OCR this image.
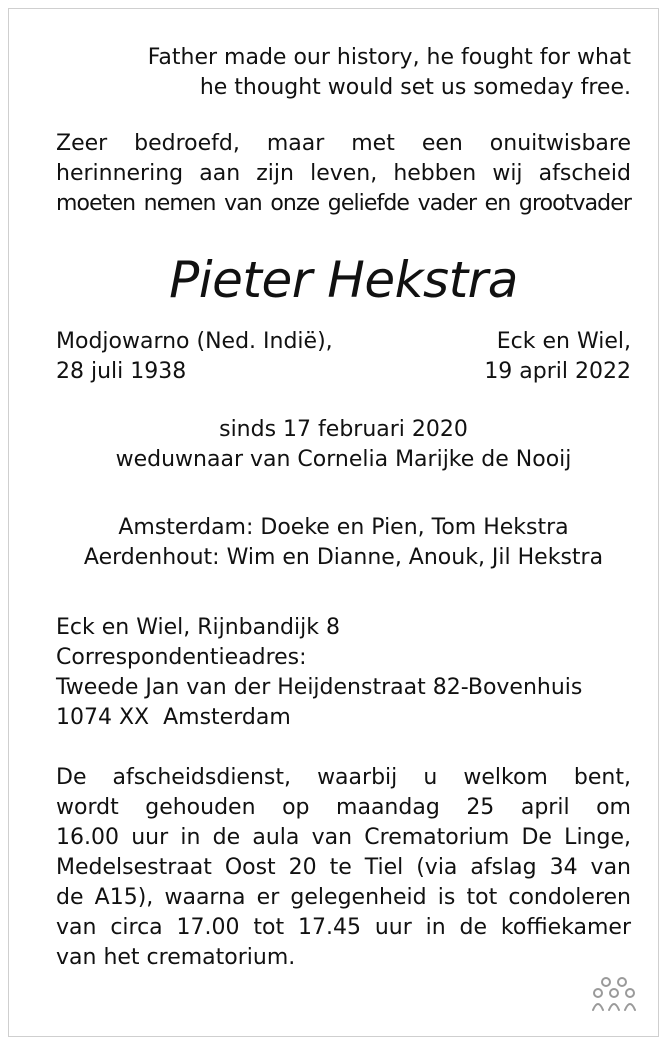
Father made our history, he fought for what
he thought would set us someday free.
Zeer bedroefd, maar met een onuitwisbare
herinnering aan zijn leven, hebben wij afscheid
moeten nemen van onze geliefde vader en grootvader
Pieter Hekstra
Modjowarno (Ned. Indië),
28 juli 1938
Eck en Wiel,
19 april 2022
sinds 17 februari 2020
weduwnaar van Cornelia Marijke de Nooij
Amsterdam: Doeke en Pien, Tom Hekstra
Aerdenhout: Wim en Dianne, Anouk, Jil Hekstra
Eck en Wiel, Rijnbandijk 8
Correspondentieadres:
Tweede Jan van der Heijdenstraat 82-Bovenhuis
1074 XX  Amsterdam
De afscheidsdienst, waarbij u welkom bent,
wordt gehouden op maandag 25 april om
16.00 uur in de aula van Crematorium De Linge,
Medelsestraat Oost 20 te Tiel (via afslag 34 van
de A15), waarna er gelegenheid is tot condoleren
van circa 17.00 tot 17.45 uur in de koffiekamer
van het crematorium.
